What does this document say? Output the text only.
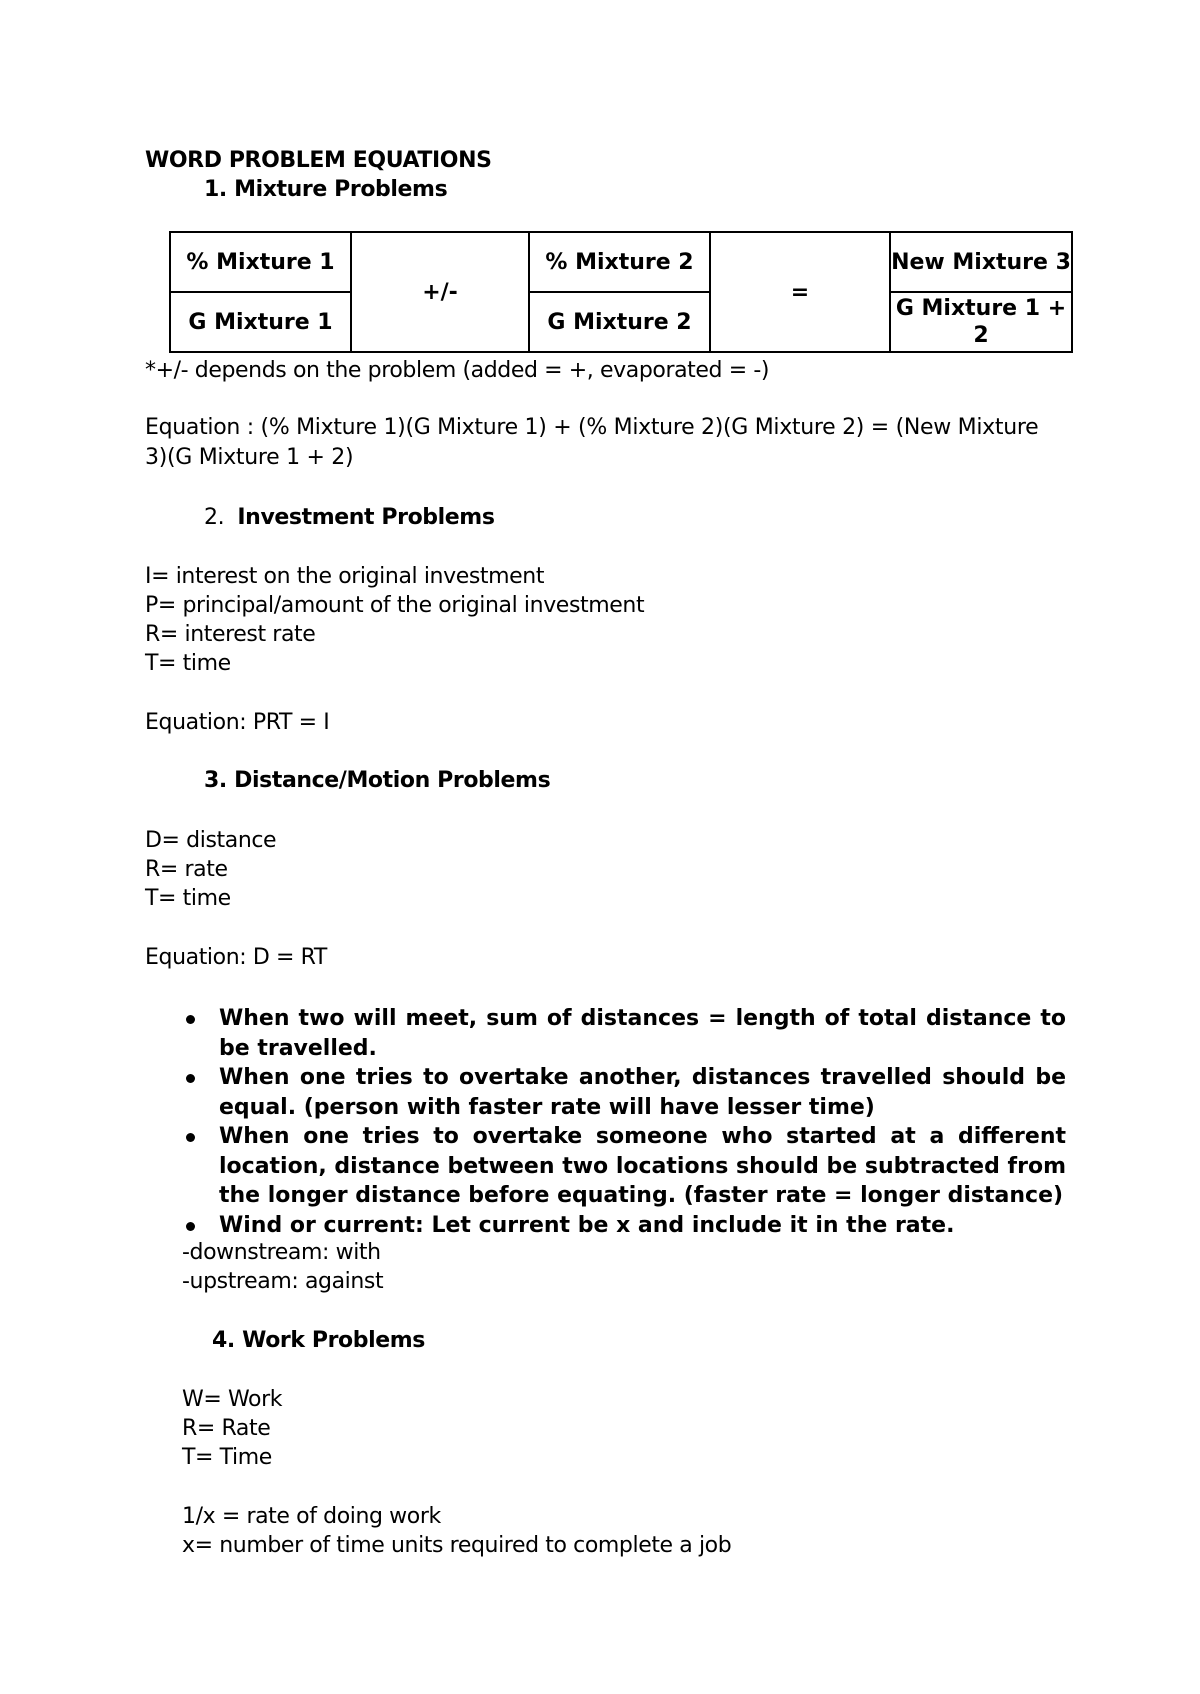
WORD PROBLEM EQUATIONS
1. Mixture Problems
% Mixture 1	+/-	% Mixture 2	=	New Mixture 3
G Mixture 1		G Mixture 2		G Mixture 1 + 2
*+/- depends on the problem (added = +, evaporated = -)
Equation : (% Mixture 1)(G Mixture 1) + (% Mixture 2)(G Mixture 2) = (New Mixture 3)(G Mixture 1 + 2)
2. Investment Problems
I= interest on the original investment
P= principal/amount of the original investment
R= interest rate
T= time
Equation: PRT = I
3. Distance/Motion Problems
D= distance
R= rate
T= time
Equation: D = RT
When two will meet, sum of distances = length of total distance to be travelled.
When one tries to overtake another, distances travelled should be equal. (person with faster rate will have lesser time)
When one tries to overtake someone who started at a different location, distance between two locations should be subtracted from the longer distance before equating. (faster rate = longer distance)
Wind or current: Let current be x and include it in the rate.
-downstream: with
-upstream: against
4. Work Problems
W= Work
R= Rate
T= Time
1/x = rate of doing work
x= number of time units required to complete a job
